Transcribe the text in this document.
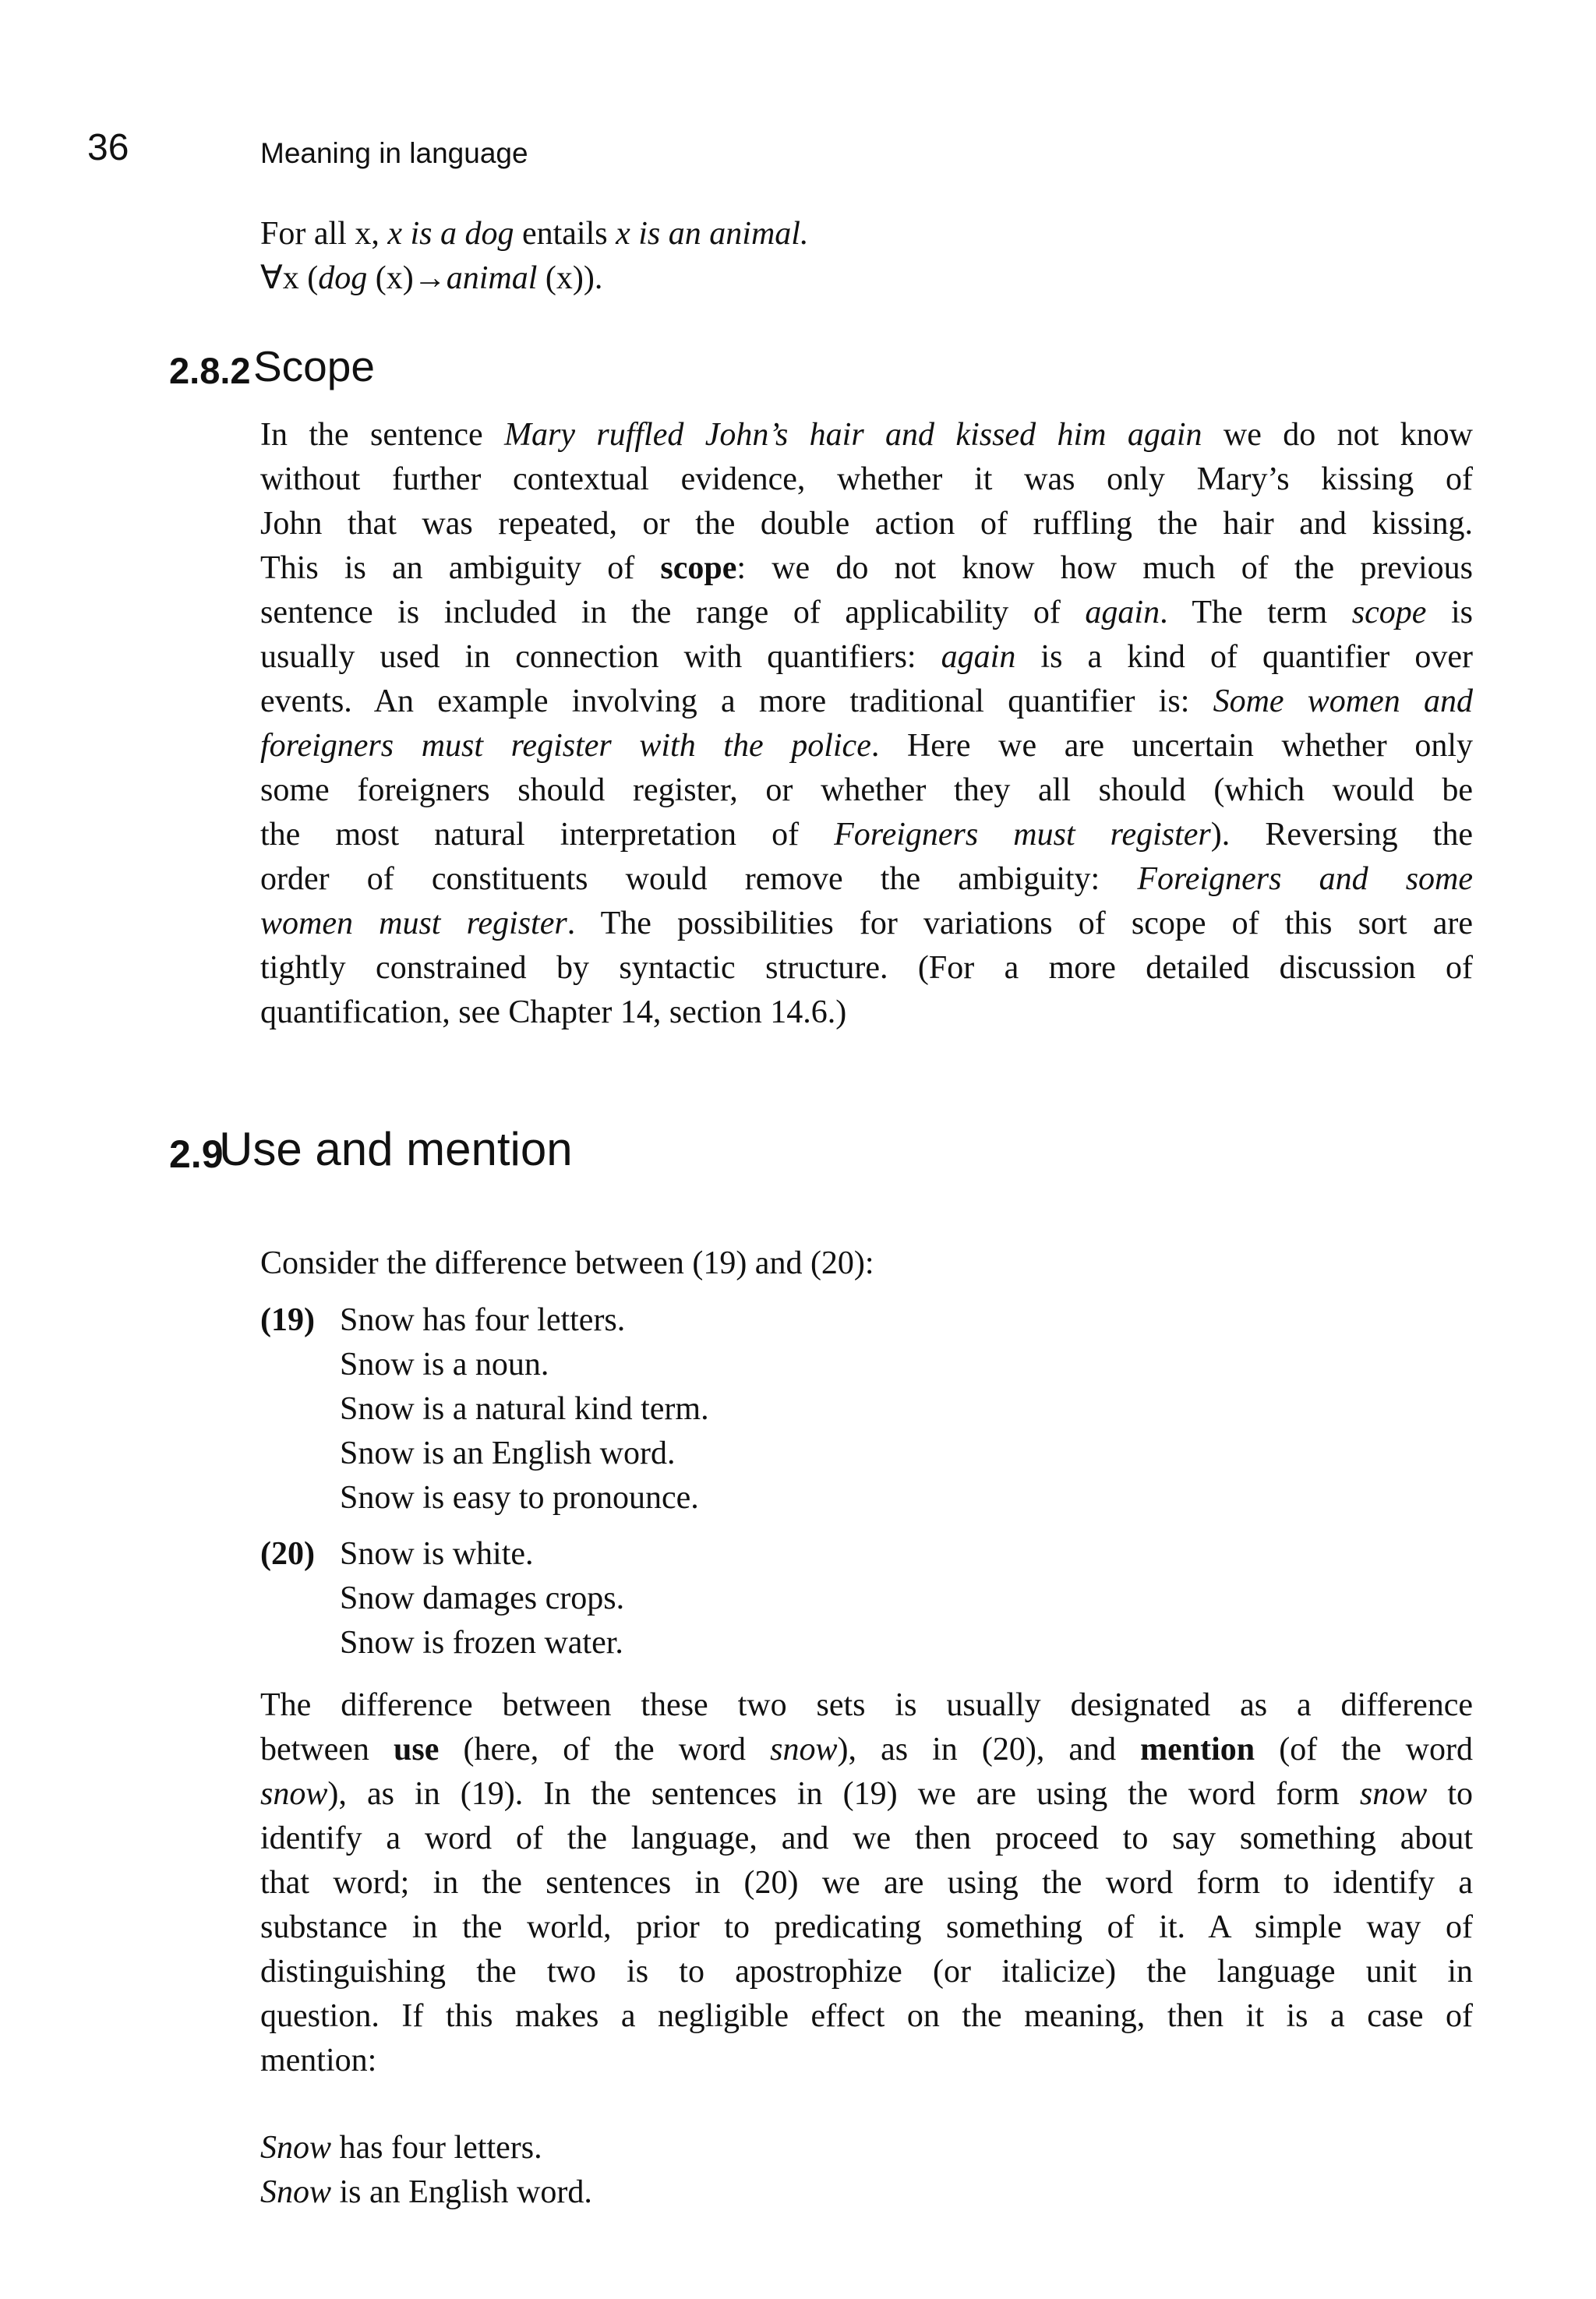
36	Meaning in language
For all x, x is a dog entails x is an animal.
∀x (dog (x)→animal (x)).
2.8.2 Scope
In the sentence Mary ruffled John’s hair and kissed him again we do not know
without further contextual evidence, whether it was only Mary’s kissing of
John that was repeated, or the double action of ruffling the hair and kissing.
This is an ambiguity of scope: we do not know how much of the previous
sentence is included in the range of applicability of again. The term scope is
usually used in connection with quantifiers: again is a kind of quantifier over
events. An example involving a more traditional quantifier is: Some women and
foreigners must register with the police. Here we are uncertain whether only
some foreigners should register, or whether they all should (which would be
the most natural interpretation of Foreigners must register). Reversing the
order of constituents would remove the ambiguity: Foreigners and some
women must register. The possibilities for variations of scope of this sort are
tightly constrained by syntactic structure. (For a more detailed discussion of
quantification, see Chapter 14, section 14.6.)
2.9
Use and mention
Consider the difference between (19) and (20):
(19) Snow has four letters.
Snow is a noun.
Snow is a natural kind term.
Snow is an English word.
Snow is easy to pronounce.
(20) Snow is white.
Snow damages crops.
Snow is frozen water.
The difference between these two sets is usually designated as a difference
between use (here, of the word snow), as in (20), and mention (of the word
snow), as in (19). In the sentences in (19) we are using the word form snow to
identify a word of the language, and we then proceed to say something about
that word; in the sentences in (20) we are using the word form to identify a
substance in the world, prior to predicating something of it. A simple way of
distinguishing the two is to apostrophize (or italicize) the language unit in
question. If this makes a negligible effect on the meaning, then it is a case of
mention:
Snow has four letters.
Snow is an English word.
